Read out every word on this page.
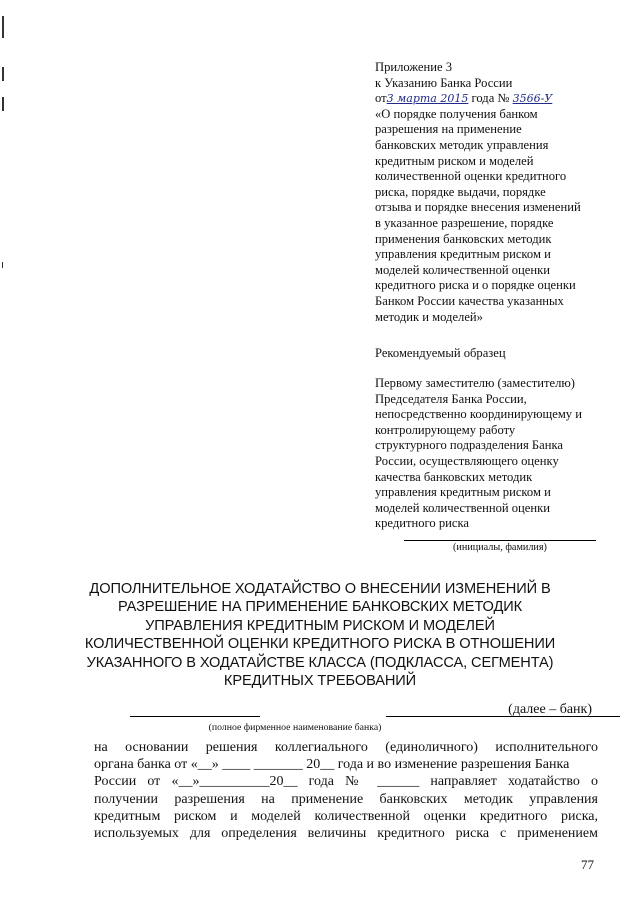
Приложение 3
к Указанию Банка России
от3 марта 2015 года № 3566-У
«О порядке получения банком
разрешения на применение
банковских методик управления
кредитным риском и моделей
количественной оценки кредитного
риска, порядке выдачи, порядке
отзыва и порядке внесения изменений
в указанное разрешение, порядке
применения банковских методик
управления кредитным риском и
моделей количественной оценки
кредитного риска и о порядке оценки
Банком России качества указанных
методик и моделей»
Рекомендуемый образец
Первому заместителю (заместителю)
Председателя Банка России,
непосредственно координирующему и
контролирующему работу
структурного подразделения Банка
России, осуществляющего оценку
качества банковских методик
управления кредитным риском и
моделей количественной оценки
кредитного риска
(инициалы, фамилия)
ДОПОЛНИТЕЛЬНОЕ ХОДАТАЙСТВО О ВНЕСЕНИИ ИЗМЕНЕНИЙ В
РАЗРЕШЕНИЕ НА ПРИМЕНЕНИЕ БАНКОВСКИХ МЕТОДИК
УПРАВЛЕНИЯ КРЕДИТНЫМ РИСКОМ И МОДЕЛЕЙ
КОЛИЧЕСТВЕННОЙ ОЦЕНКИ КРЕДИТНОГО РИСКА В ОТНОШЕНИИ
УКАЗАННОГО В ХОДАТАЙСТВЕ КЛАССА (ПОДКЛАССА, СЕГМЕНТА)
КРЕДИТНЫХ ТРЕБОВАНИЙ
(далее – банк)
(полное фирменное наименование банка)
на основании решения коллегиального (единоличного) исполнительного
органа банка от «__» ____ _______ 20__ года и во изменение разрешения Банка
России от «__»__________20__ года № ______ направляет ходатайство о
получении разрешения на применение банковских методик управления
кредитным риском и моделей количественной оценки кредитного риска,
используемых для определения величины кредитного риска с применением
77
